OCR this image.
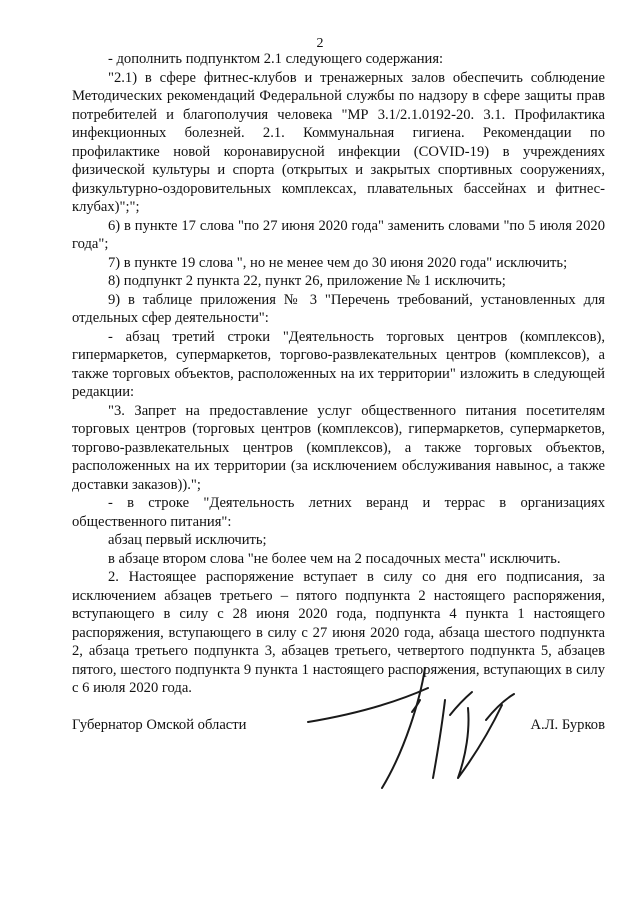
2

- дополнить подпунктом 2.1 следующего содержания:

"2.1) в сфере фитнес-клубов и тренажерных залов обеспечить соблюдение Методических рекомендаций Федеральной службы по надзору в сфере защиты прав потребителей и благополучия человека "МР 3.1/2.1.0192-20. 3.1. Профилактика инфекционных болезней. 2.1. Коммунальная гигиена. Рекомендации по профилактике новой коронавирусной инфекции (COVID-19) в учреждениях физической культуры и спорта (открытых и закрытых спортивных сооружениях, физкультурно-оздоровительных комплексах, плавательных бассейнах и фитнес-клубах)";";

6) в пункте 17 слова "по 27 июня 2020 года" заменить словами "по 5 июля 2020 года";

7) в пункте 19 слова ", но не менее чем до 30 июня 2020 года" исключить;

8) подпункт 2 пункта 22, пункт 26, приложение № 1 исключить;

9) в таблице приложения № 3 "Перечень требований, установленных для отдельных сфер деятельности":

- абзац третий строки "Деятельность торговых центров (комплексов), гипермаркетов, супермаркетов, торгово-развлекательных центров (комплексов), а также торговых объектов, расположенных на их территории" изложить в следующей редакции:

"3. Запрет на предоставление услуг общественного питания посетителям торговых центров (торговых центров (комплексов), гипермаркетов, супермаркетов, торгово-развлекательных центров (комплексов), а также торговых объектов, расположенных на их территории (за исключением обслуживания навынос, а также доставки заказов)).";

- в строке "Деятельность летних веранд и террас в организациях общественного питания":

абзац первый исключить;

в абзаце втором слова "не более чем на 2 посадочных места" исключить.

2. Настоящее распоряжение вступает в силу со дня его подписания, за исключением абзацев третьего – пятого подпункта 2 настоящего распоряжения, вступающего в силу с 28 июня 2020 года, подпункта 4 пункта 1 настоящего распоряжения, вступающего в силу с 27 июня 2020 года, абзаца шестого подпункта 2, абзаца третьего подпункта 3, абзацев третьего, четвертого подпункта 5, абзацев пятого, шестого подпункта 9 пункта 1 настоящего распоряжения, вступающих в силу с 6 июля 2020 года.

Губернатор Омской области	А.Л. Бурков
